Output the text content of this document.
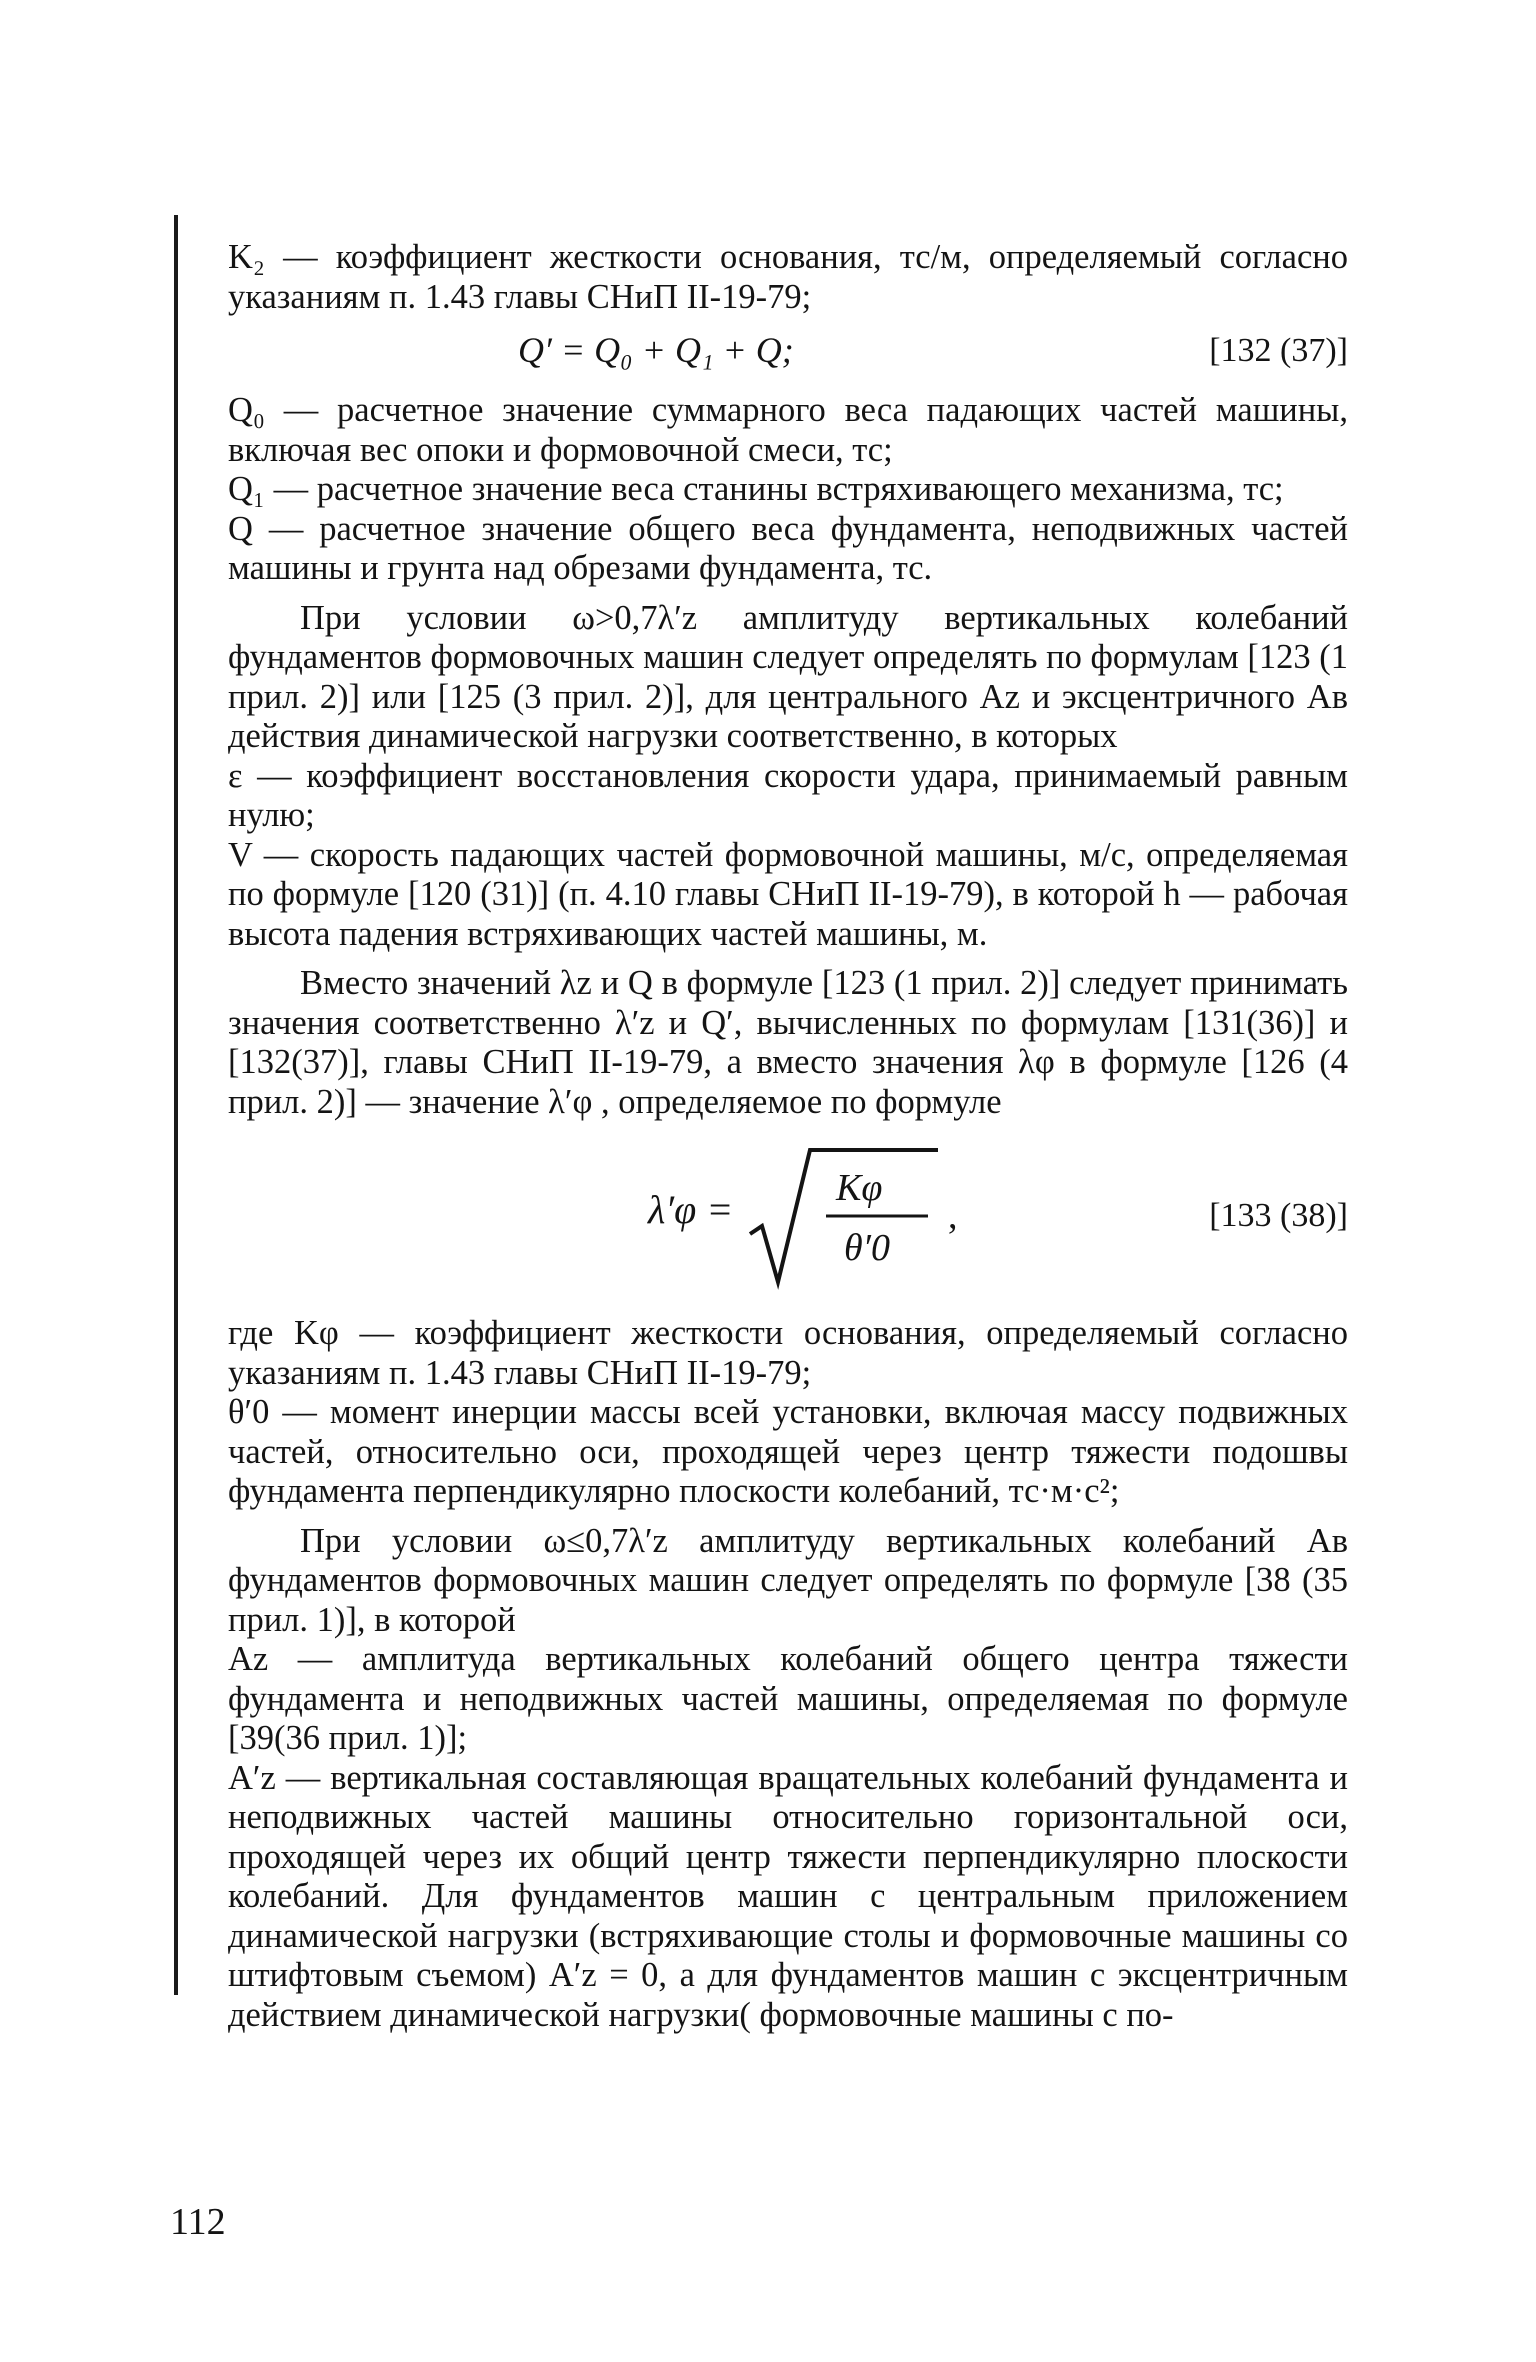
K₂ — коэффициент жесткости основания, тс/м, определяемый согласно указаниям п. 1.43 главы СНиП II-19-79;

Q′ = Q₀ + Q₁ + Q;	[132 (37)]

Q₀ — расчетное значение суммарного веса падающих частей машины, включая вес опоки и формовочной смеси, тс;

Q₁ — расчетное значение веса станины встряхивающего механизма, тс;

Q — расчетное значение общего веса фундамента, неподвижных частей машины и грунта над обрезами фундамента, тс.

При условии ω>0,7λ′z амплитуду вертикальных колебаний фундаментов формовочных машин следует определять по формулам [123 (1 прил. 2)] или [125 (3 прил. 2)], для центрального Az и эксцентричного Aв действия динамической нагрузки соответственно, в которых

ε — коэффициент восстановления скорости удара, принимаемый равным нулю;

V — скорость падающих частей формовочной машины, м/с, определяемая по формуле [120 (31)] (п. 4.10 главы СНиП II-19-79), в которой h — рабочая высота падения встряхивающих частей машины, м.

Вместо значений λz и Q в формуле [123 (1 прил. 2)] следует принимать значения соответственно λ′z и Q′, вычисленных по формулам [131(36)] и [132(37)], главы СНиП II-19-79, а вместо значения λφ в формуле [126 (4 прил. 2)] — значение λ′φ , определяемое по формуле

λ′φ =	Kφ
θ′0
,	[133 (38)]

где Kφ — коэффициент жесткости основания, определяемый согласно указаниям п. 1.43 главы СНиП II-19-79;

θ′0 — момент инерции массы всей установки, включая массу подвижных частей, относительно оси, проходящей через центр тяжести подошвы фундамента перпендикулярно плоскости колебаний, тс·м·с²;

При условии ω≤0,7λ′z амплитуду вертикальных колебаний Aв фундаментов формовочных машин следует определять по формуле [38 (35 прил. 1)], в которой

Az — амплитуда вертикальных колебаний общего центра тяжести фундамента и неподвижных частей машины, определяемая по формуле [39(36 прил. 1)];

A′z — вертикальная составляющая вращательных колебаний фундамента и неподвижных частей машины относительно горизонтальной оси, проходящей через их общий центр тяжести перпендикулярно плоскости колебаний. Для фундаментов машин с центральным приложением динамической нагрузки (встряхивающие столы и формовочные машины со штифтовым съемом) A′z = 0, а для фундаментов машин с эксцентричным действием динамической нагрузки( формовочные машины с по-

112
